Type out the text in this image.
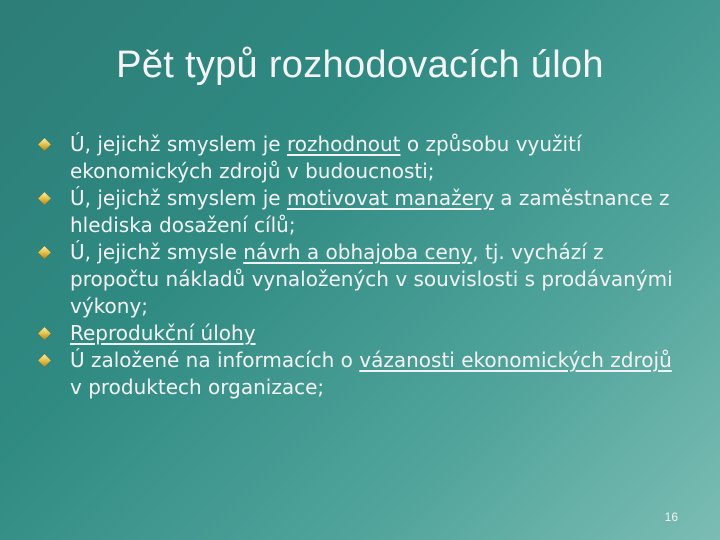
Pět typů rozhodovacích úloh
Ú, jejichž smyslem je rozhodnout o způsobu využití ekonomických zdrojů v budoucnosti;
Ú, jejichž smyslem je motivovat manažery a zaměstnance z hlediska dosažení cílů;
Ú, jejichž smysle návrh a obhajoba ceny, tj. vychází z propočtu nákladů vynaložených v souvislosti s prodávanými výkony;
Reprodukční úlohy
Ú založené na informacích o vázanosti ekonomických zdrojů v produktech organizace;
16
